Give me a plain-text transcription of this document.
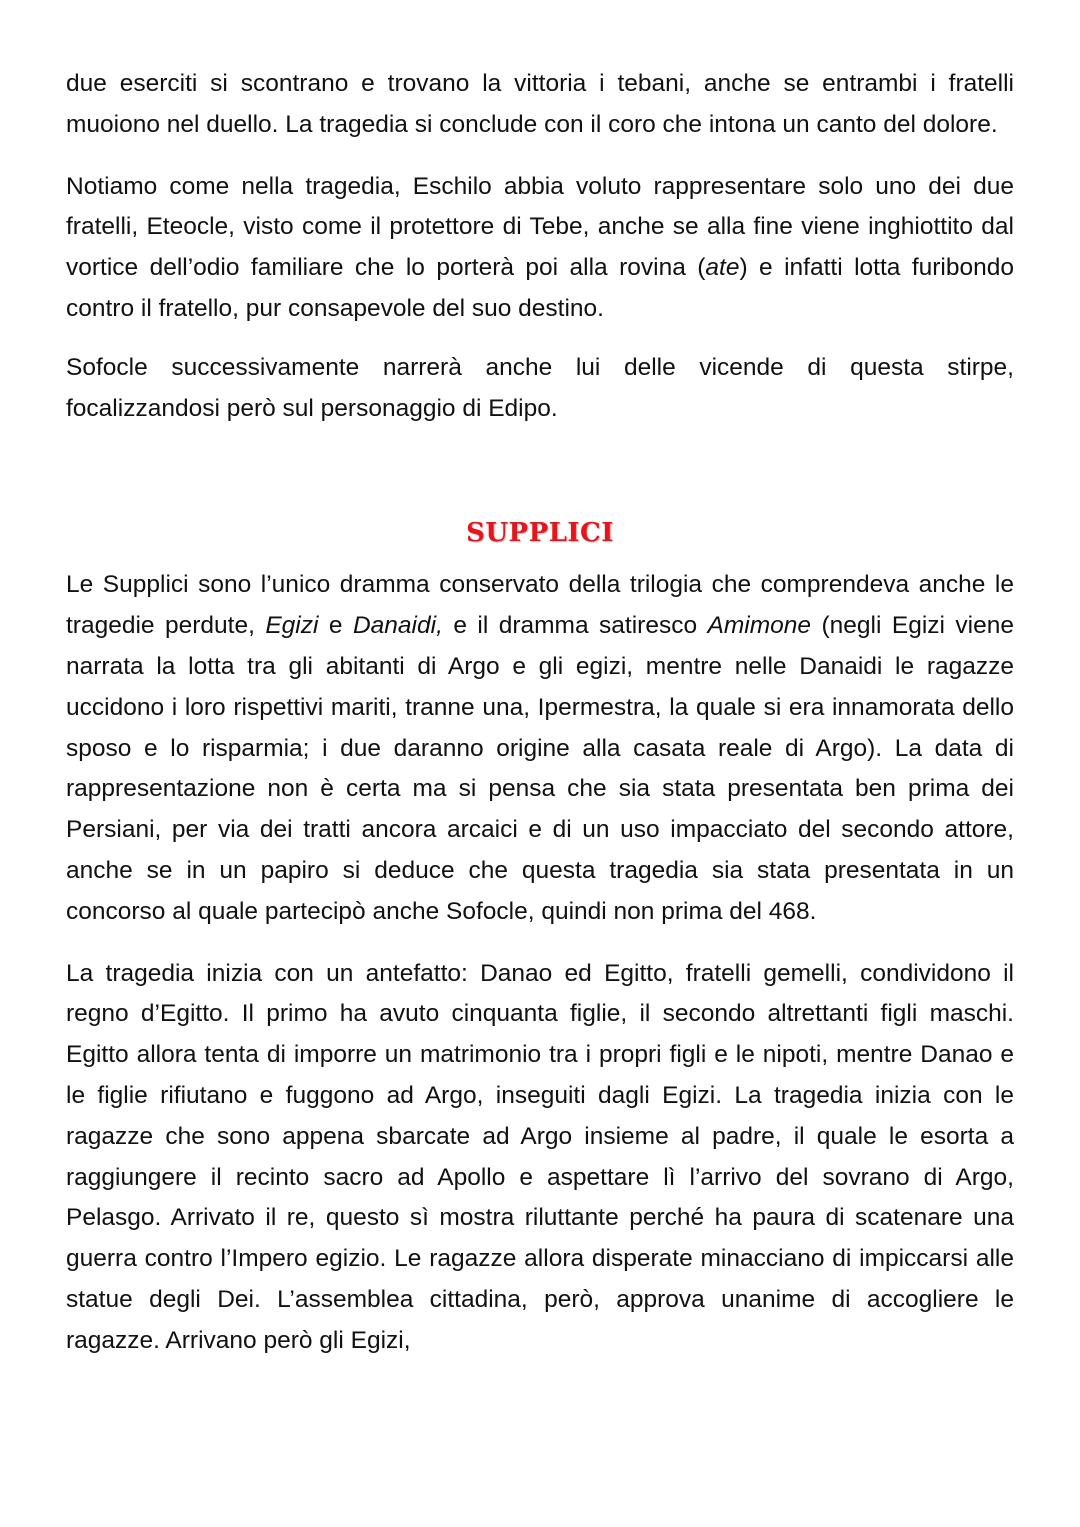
due eserciti si scontrano e trovano la vittoria i tebani, anche se entrambi i fratelli muoiono nel duello. La tragedia si conclude con il coro che intona un canto del dolore.

Notiamo come nella tragedia, Eschilo abbia voluto rappresentare solo uno dei due fratelli, Eteocle, visto come il protettore di Tebe, anche se alla fine viene inghiottito dal vortice dell’odio familiare che lo porterà poi alla rovina (ate) e infatti lotta furibondo contro il fratello, pur consapevole del suo destino.

Sofocle successivamente narrerà anche lui delle vicende di questa stirpe, focalizzandosi però sul personaggio di Edipo.

SUPPLICI

Le Supplici sono l’unico dramma conservato della trilogia che comprendeva anche le tragedie perdute, Egizi e Danaidi, e il dramma satiresco Amimone (negli Egizi viene narrata la lotta tra gli abitanti di Argo e gli egizi, mentre nelle Danaidi le ragazze uccidono i loro rispettivi mariti, tranne una, Ipermestra, la quale si era innamorata dello sposo e lo risparmia; i due daranno origine alla casata reale di Argo). La data di rappresentazione non è certa ma si pensa che sia stata presentata ben prima dei Persiani, per via dei tratti ancora arcaici e di un uso impacciato del secondo attore, anche se in un papiro si deduce che questa tragedia sia stata presentata in un concorso al quale partecipò anche Sofocle, quindi non prima del 468.

La tragedia inizia con un antefatto: Danao ed Egitto, fratelli gemelli, condividono il regno d’Egitto. Il primo ha avuto cinquanta figlie, il secondo altrettanti figli maschi. Egitto allora tenta di imporre un matrimonio tra i propri figli e le nipoti, mentre Danao e le figlie rifiutano e fuggono ad Argo, inseguiti dagli Egizi. La tragedia inizia con le ragazze che sono appena sbarcate ad Argo insieme al padre, il quale le esorta a raggiungere il recinto sacro ad Apollo e aspettare lì l’arrivo del sovrano di Argo, Pelasgo. Arrivato il re, questo sì mostra riluttante perché ha paura di scatenare una guerra contro l’Impero egizio. Le ragazze allora disperate minacciano di impiccarsi alle statue degli Dei. L’assemblea cittadina, però, approva unanime di accogliere le ragazze. Arrivano però gli Egizi,
